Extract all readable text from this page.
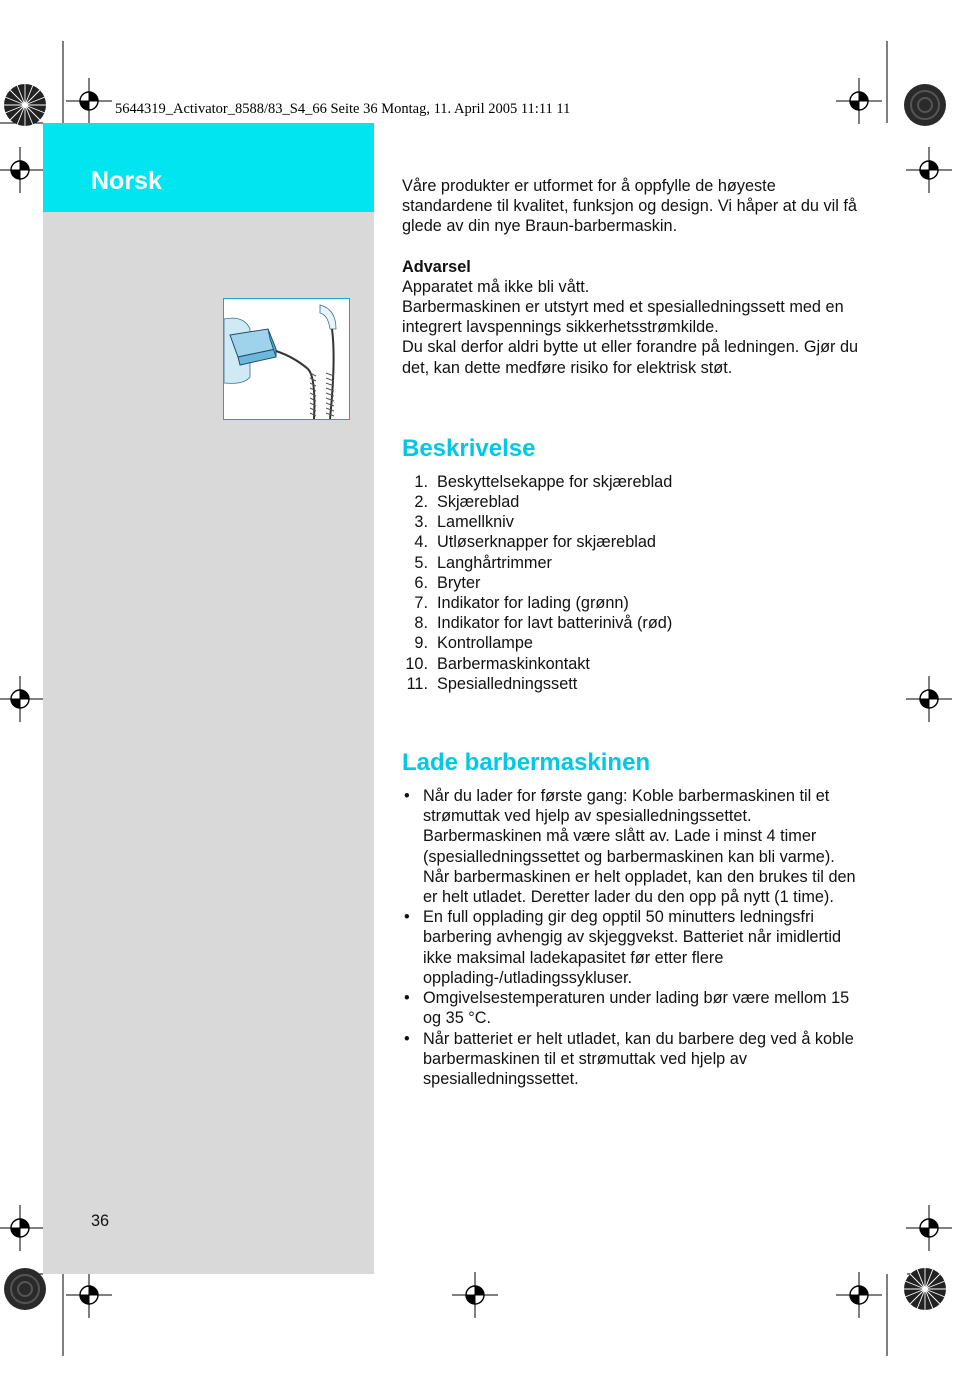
5644319_Activator_8588/83_S4_66 Seite 36 Montag, 11. April 2005 11:11 11
Norsk	Våre produkter er utformet for å oppfylle de høyeste standardene til kvalitet, funksjon og design. Vi håper at du vil få glede av din nye Braun-barbermaskin.

Advarsel

Apparatet må ikke bli vått.

Barbermaskinen er utstyrt med et spesialledningssett med en integrert lavspennings sikkerhetsstrømkilde.

Du skal derfor aldri bytte ut eller forandre på ledningen. Gjør du det, kan dette medføre risiko for elektrisk støt.

Beskrivelse
1. Beskyttelsekappe for skjæreblad
2. Skjæreblad
3. Lamellkniv
4. Utløserknapper for skjæreblad
5. Langhårtrimmer
6. Bryter
7. Indikator for lading (grønn)
8. Indikator for lavt batterinivå (rød)
9. Kontrollampe
10. Barbermaskinkontakt
11. Spesialledningssett
Lade barbermaskinen
• Når du lader for første gang: Koble barbermaskinen til et strømuttak ved hjelp av spesialledningssettet. Barbermaskinen må være slått av. Lade i minst 4 timer (spesialledningssettet og barbermaskinen kan bli varme). Når barbermaskinen er helt oppladet, kan den brukes til den er helt utladet. Deretter lader du den opp på nytt (1 time).
• En full opplading gir deg opptil 50 minutters ledningsfri barbering avhengig av skjeggvekst. Batteriet når imidlertid ikke maksimal ladekapasitet før etter flere opplading-/utladingssykluser.
• Omgivelsestemperaturen under lading bør være mellom 15 og 35 °C.
• Når batteriet er helt utladet, kan du barbere deg ved å koble barbermaskinen til et strømuttak ved hjelp av spesialledningssettet.
36
